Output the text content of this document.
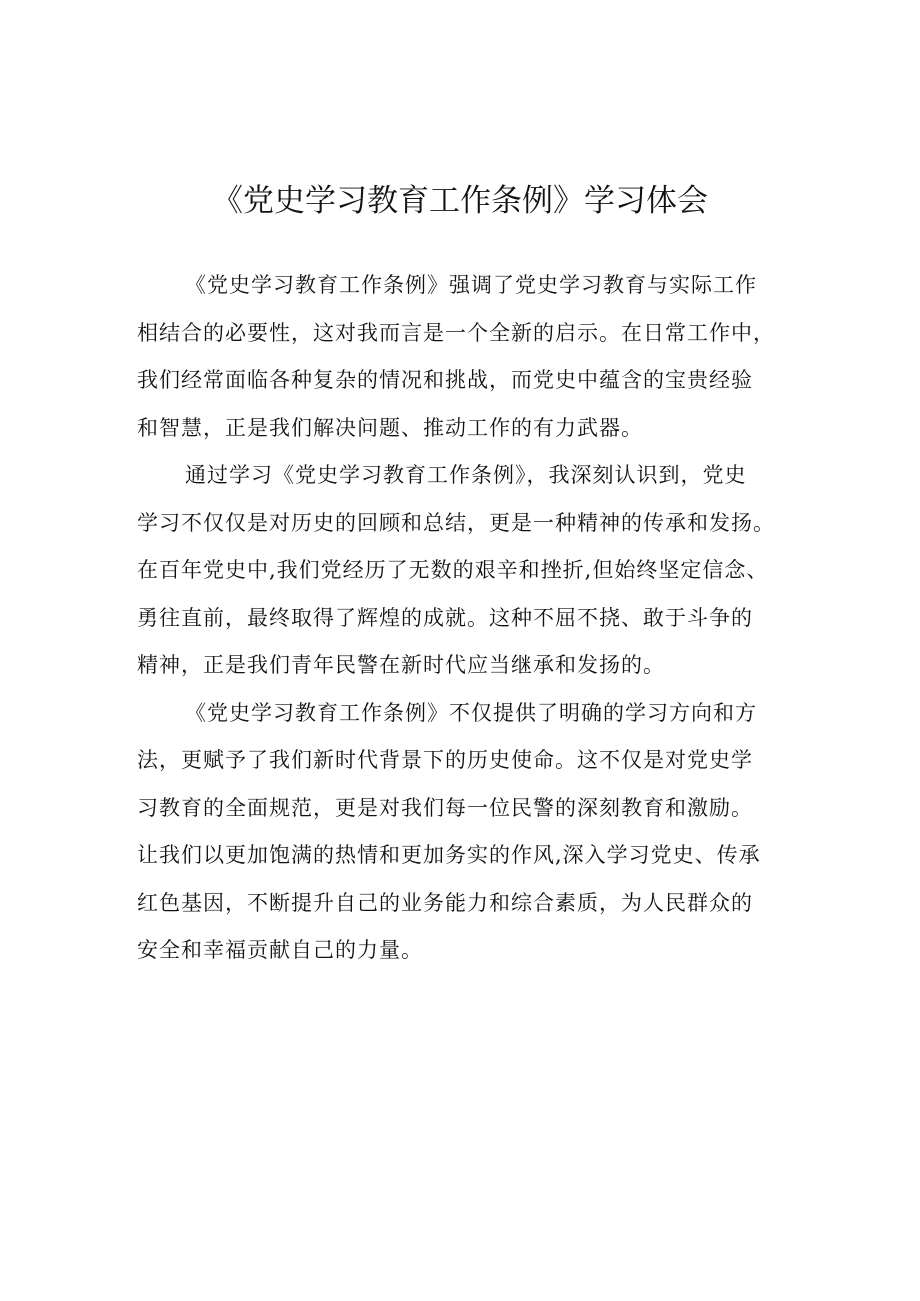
《党史学习教育工作条例》学习体会
《党史学习教育工作条例》强调了党史学习教育与实际工作
相结合的必要性，这对我而言是一个全新的启示。在日常工作中，
我们经常面临各种复杂的情况和挑战，而党史中蕴含的宝贵经验
和智慧，正是我们解决问题、推动工作的有力武器。
通过学习《党史学习教育工作条例》，我深刻认识到，党史
学习不仅仅是对历史的回顾和总结，更是一种精神的传承和发扬。
在百年党史中,我们党经历了无数的艰辛和挫折,但始终坚定信念、
勇往直前，最终取得了辉煌的成就。这种不屈不挠、敢于斗争的
精神，正是我们青年民警在新时代应当继承和发扬的。
《党史学习教育工作条例》不仅提供了明确的学习方向和方
法，更赋予了我们新时代背景下的历史使命。这不仅是对党史学
习教育的全面规范，更是对我们每一位民警的深刻教育和激励。
让我们以更加饱满的热情和更加务实的作风,深入学习党史、传承
红色基因，不断提升自己的业务能力和综合素质，为人民群众的
安全和幸福贡献自己的力量。
